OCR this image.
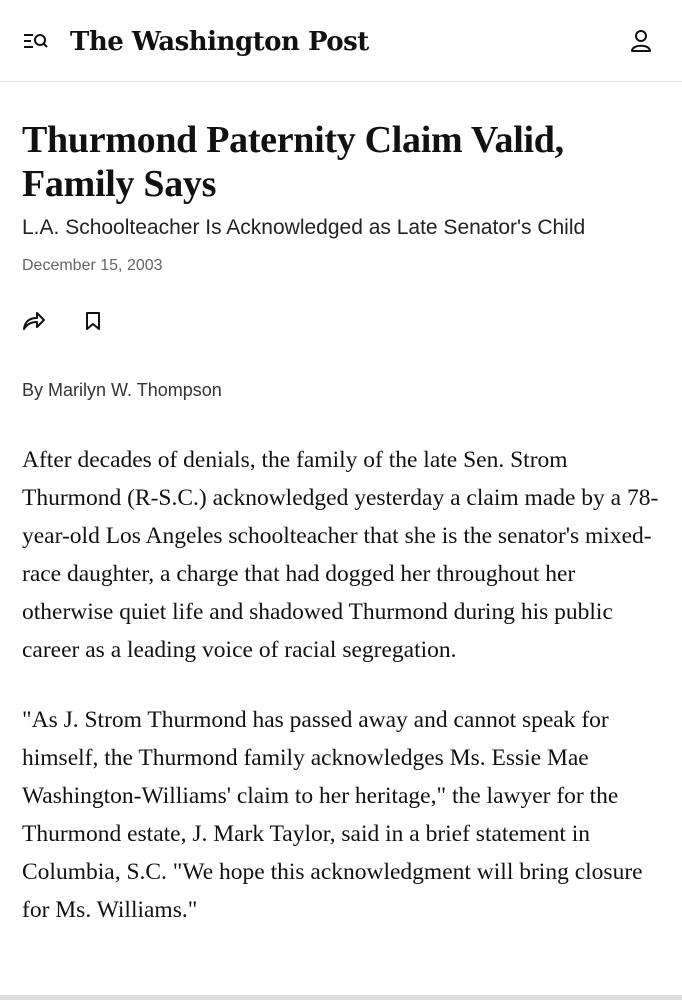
The Washington Post
Thurmond Paternity Claim Valid, Family Says
L.A. Schoolteacher Is Acknowledged as Late Senator's Child
December 15, 2003
By Marilyn W. Thompson

After decades of denials, the family of the late Sen. Strom Thurmond (R-S.C.) acknowledged yesterday a claim made by a 78-year-old Los Angeles schoolteacher that she is the senator's mixed-race daughter, a charge that had dogged her throughout her otherwise quiet life and shadowed Thurmond during his public career as a leading voice of racial segregation.

"As J. Strom Thurmond has passed away and cannot speak for himself, the Thurmond family acknowledges Ms. Essie Mae Washington-Williams' claim to her heritage," the lawyer for the Thurmond estate, J. Mark Taylor, said in a brief statement in Columbia, S.C. "We hope this acknowledgment will bring closure for Ms. Williams."
